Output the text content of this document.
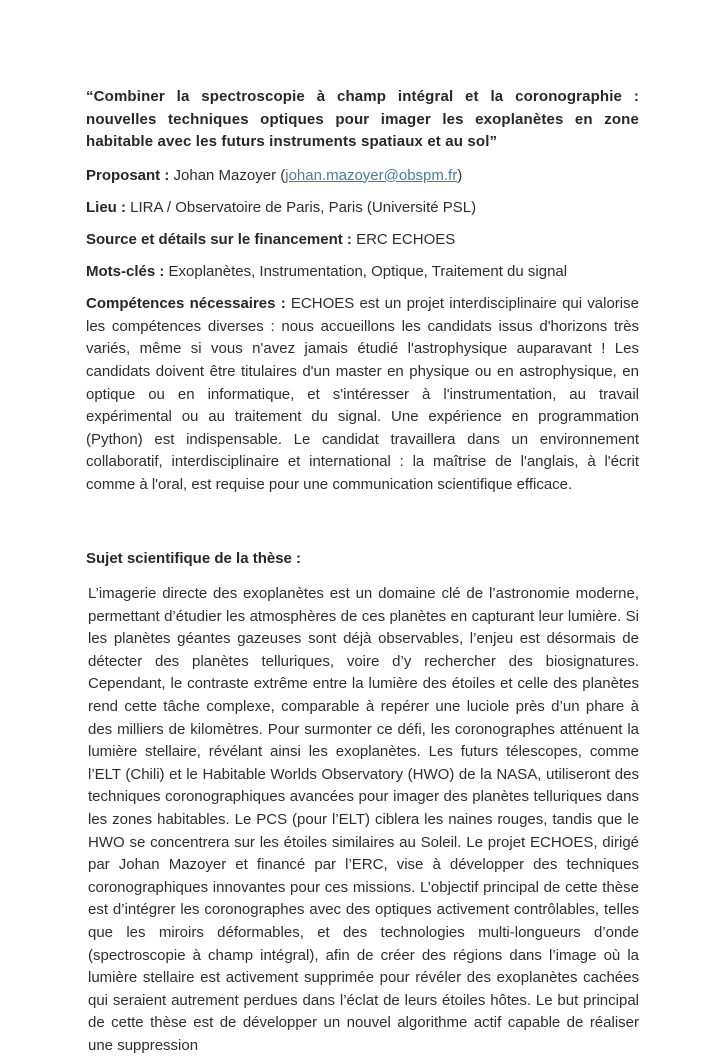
“Combiner la spectroscopie à champ intégral et la coronographie : nouvelles techniques optiques pour imager les exoplanètes en zone habitable avec les futurs instruments spatiaux et au sol”

Proposant : Johan Mazoyer (johan.mazoyer@obspm.fr)

Lieu : LIRA / Observatoire de Paris, Paris (Université PSL)

Source et détails sur le financement : ERC ECHOES

Mots-clés : Exoplanètes, Instrumentation, Optique, Traitement du signal

Compétences nécessaires : ECHOES est un projet interdisciplinaire qui valorise les compétences diverses : nous accueillons les candidats issus d'horizons très variés, même si vous n'avez jamais étudié l'astrophysique auparavant ! Les candidats doivent être titulaires d'un master en physique ou en astrophysique, en optique ou en informatique, et s'intéresser à l'instrumentation, au travail expérimental ou au traitement du signal. Une expérience en programmation (Python) est indispensable. Le candidat travaillera dans un environnement collaboratif, interdisciplinaire et international : la maîtrise de l'anglais, à l'écrit comme à l'oral, est requise pour une communication scientifique efficace.

Sujet scientifique de la thèse :

L’imagerie directe des exoplanètes est un domaine clé de l’astronomie moderne, permettant d’étudier les atmosphères de ces planètes en capturant leur lumière. Si les planètes géantes gazeuses sont déjà observables, l’enjeu est désormais de détecter des planètes telluriques, voire d’y rechercher des biosignatures. Cependant, le contraste extrême entre la lumière des étoiles et celle des planètes rend cette tâche complexe, comparable à repérer une luciole près d’un phare à des milliers de kilomètres. Pour surmonter ce défi, les coronographes atténuent la lumière stellaire, révélant ainsi les exoplanètes. Les futurs télescopes, comme l’ELT (Chili) et le Habitable Worlds Observatory (HWO) de la NASA, utiliseront des techniques coronographiques avancées pour imager des planètes telluriques dans les zones habitables. Le PCS (pour l’ELT) ciblera les naines rouges, tandis que le HWO se concentrera sur les étoiles similaires au Soleil. Le projet ECHOES, dirigé par Johan Mazoyer et financé par l’ERC, vise à développer des techniques coronographiques innovantes pour ces missions. L’objectif principal de cette thèse est d’intégrer les coronographes avec des optiques activement contrôlables, telles que les miroirs déformables, et des technologies multi-longueurs d’onde (spectroscopie à champ intégral), afin de créer des régions dans l’image où la lumière stellaire est activement supprimée pour révéler des exoplanètes cachées qui seraient autrement perdues dans l’éclat de leurs étoiles hôtes. Le but principal de cette thèse est de développer un nouvel algorithme actif capable de réaliser une suppression
